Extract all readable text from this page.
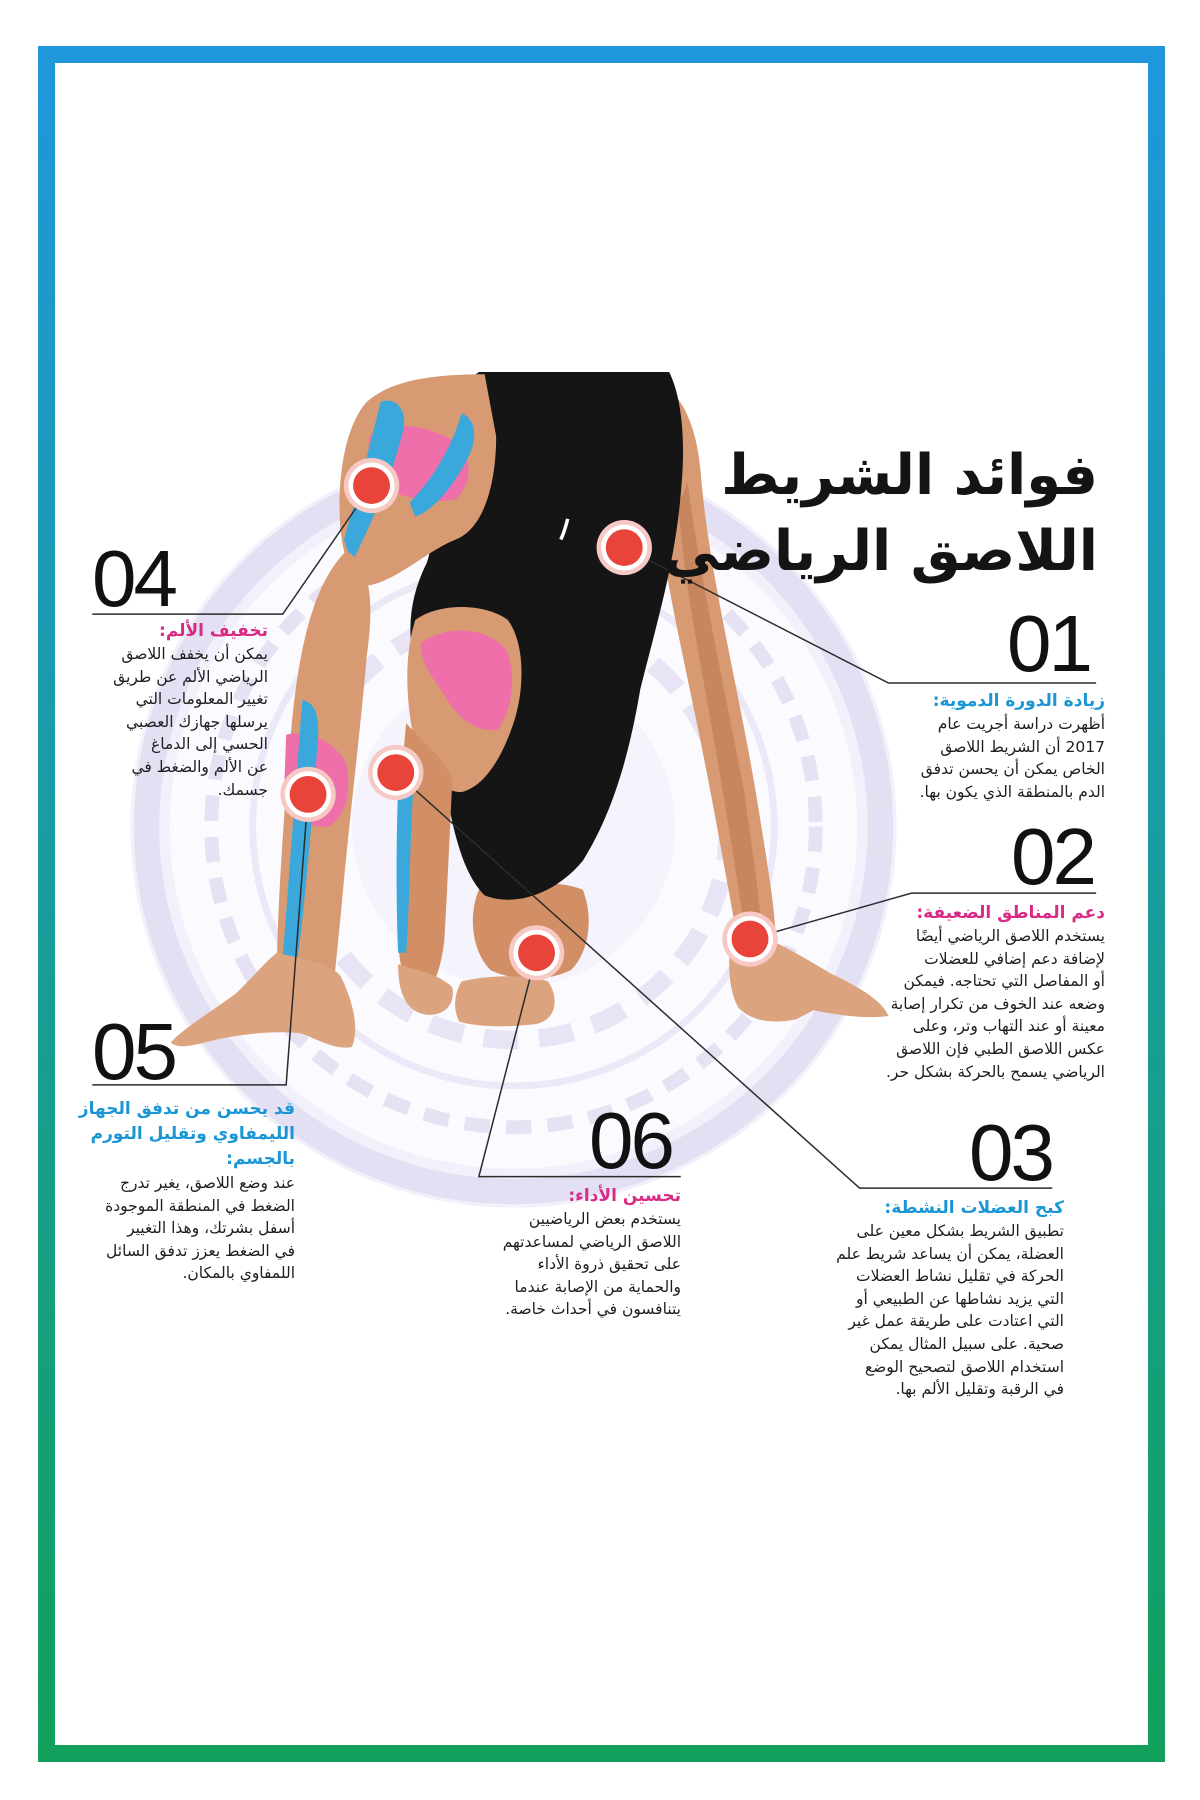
فوائد الشريط
اللاصق الرياضي
01
02
03
04
05
06
زيادة الدورة الدموية:
أظهرت دراسة أجريت عام
2017 أن الشريط اللاصق
الخاص يمكن أن يحسن تدفق
الدم بالمنطقة الذي يكون بها.
دعم المناطق الضعيفة:
يستخدم اللاصق الرياضي أيضًا
لإضافة دعم إضافي للعضلات
أو المفاصل التي تحتاجه. فيمكن
وضعه عند الخوف من تكرار إصابة
معينة أو عند التهاب وتر، وعلى
عكس اللاصق الطبي فإن اللاصق
الرياضي يسمح بالحركة بشكل حر.
كبح العضلات النشطة:
تطبيق الشريط بشكل معين على
العضلة، يمكن أن يساعد شريط علم
الحركة في تقليل نشاط العضلات
التي يزيد نشاطها عن الطبيعي أو
التي اعتادت على طريقة عمل غير
صحية. على سبيل المثال يمكن
استخدام اللاصق لتصحيح الوضع
في الرقبة وتقليل الألم بها.
تخفيف الألم:
يمكن أن يخفف اللاصق
الرياضي الألم عن طريق
تغيير المعلومات التي
يرسلها جهازك العصبي
الحسي إلى الدماغ
عن الألم والضغط في
جسمك.
قد يحسن من تدفق الجهاز
الليمفاوي وتقليل التورم
بالجسم:
عند وضع اللاصق، يغير تدرج
الضغط في المنطقة الموجودة
أسفل بشرتك، وهذا التغيير
في الضغط يعزز تدفق السائل
اللمفاوي بالمكان.
تحسين الأداء:
يستخدم بعض الرياضيين
اللاصق الرياضي لمساعدتهم
على تحقيق ذروة الأداء
والحماية من الإصابة عندما
يتنافسون في أحداث خاصة.
